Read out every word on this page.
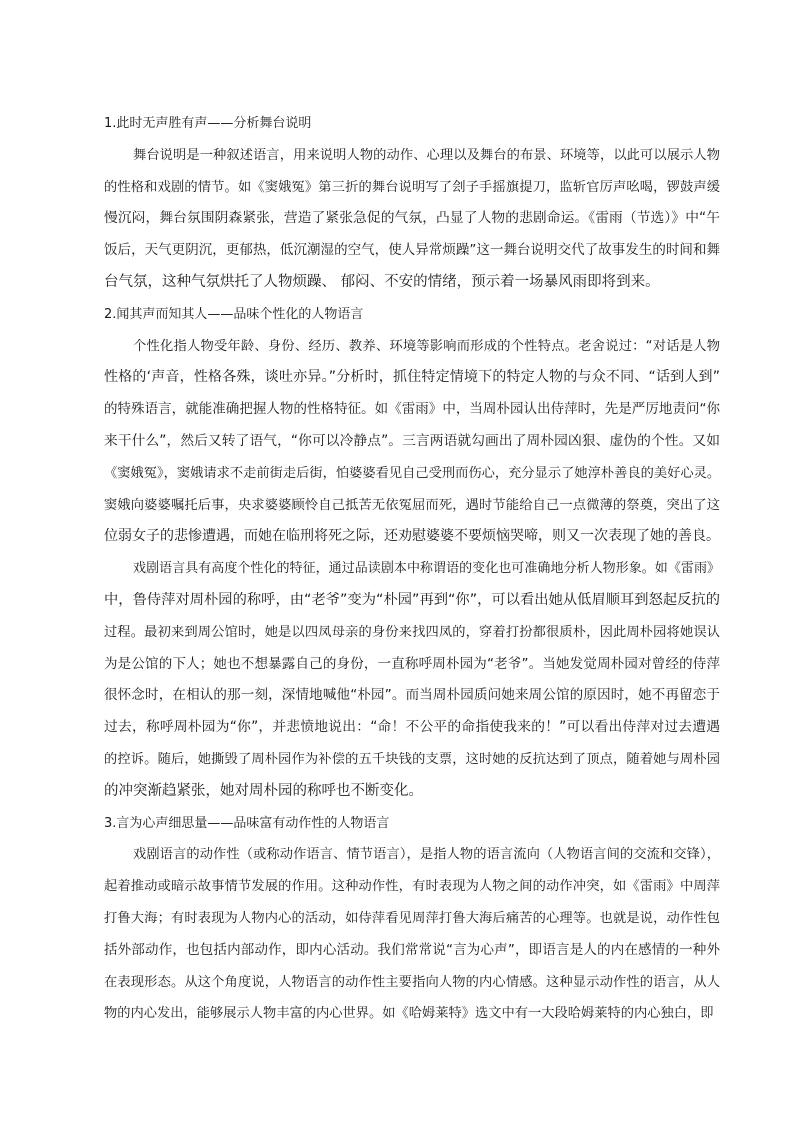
1.此时无声胜有声——分析舞台说明
舞台说明是一种叙述语言，用来说明人物的动作、心理以及舞台的布景、环境等，以此可以展示人物
的性格和戏剧的情节。如《窦娥冤》第三折的舞台说明写了刽子手摇旗提刀，监斩官厉声吆喝，锣鼓声缓
慢沉闷，舞台氛围阴森紧张，营造了紧张急促的气氛，凸显了人物的悲剧命运。《雷雨（节选）》中“午
饭后，天气更阴沉，更郁热，低沉潮湿的空气，使人异常烦躁”这一舞台说明交代了故事发生的时间和舞
台气氛，这种气氛烘托了人物烦躁、 郁闷、不安的情绪，预示着一场暴风雨即将到来。
2.闻其声而知其人——品味个性化的人物语言
个性化指人物受年龄、身份、经历、教养、环境等影响而形成的个性特点。老舍说过：“对话是人物
性格的‘声音，性格各殊，谈吐亦异。”分析时，抓住特定情境下的特定人物的与众不同、“话到人到”
的特殊语言，就能准确把握人物的性格特征。如《雷雨》中，当周朴园认出侍萍时，先是严厉地责问“你
来干什么”，然后又转了语气，“你可以冷静点”。三言两语就勾画出了周朴园凶狠、虚伪的个性。又如
《窦娥冤》，窦娥请求不走前街走后街，怕婆婆看见自己受刑而伤心，充分显示了她淳朴善良的美好心灵。
窦娥向婆婆嘱托后事，央求婆婆顾怜自己抵苦无依冤屈而死，遇时节能给自己一点微薄的祭奠，突出了这
位弱女子的悲惨遭遇，而她在临刑将死之际，还劝慰婆婆不要烦恼哭啼，则又一次表现了她的善良。
戏剧语言具有高度个性化的特征，通过品读剧本中称谓语的变化也可准确地分析人物形象。如《雷雨》
中，鲁侍萍对周朴园的称呼，由“老爷”变为“朴园”再到“你”，可以看出她从低眉顺耳到怒起反抗的
过程。最初来到周公馆时，她是以四凤母亲的身份来找四凤的，穿着打扮都很质朴，因此周朴园将她误认
为是公馆的下人；她也不想暴露自己的身份，一直称呼周朴园为“老爷”。当她发觉周朴园对曾经的侍萍
很怀念时，在相认的那一刻，深情地喊他“朴园”。而当周朴园质问她来周公馆的原因时，她不再留恋于
过去，称呼周朴园为“你”，并悲愤地说出：“命！不公平的命指使我来的！”可以看出侍萍对过去遭遇
的控诉。随后，她撕毁了周朴园作为补偿的五千块钱的支票，这时她的反抗达到了顶点，随着她与周朴园
的冲突渐趋紧张，她对周朴园的称呼也不断变化。
3.言为心声细思量——品味富有动作性的人物语言
戏剧语言的动作性（或称动作语言、情节语言），是指人物的语言流向（人物语言间的交流和交锋），
起着推动或暗示故事情节发展的作用。这种动作性，有时表现为人物之间的动作冲突，如《雷雨》中周萍
打鲁大海；有时表现为人物内心的活动，如侍萍看见周萍打鲁大海后痛苦的心理等。也就是说，动作性包
括外部动作，也包括内部动作，即内心活动。我们常常说“言为心声”，即语言是人的内在感情的一种外
在表现形态。从这个角度说，人物语言的动作性主要指向人物的内心情感。这种显示动作性的语言，从人
物的内心发出，能够展示人物丰富的内心世界。如《哈姆莱特》选文中有一大段哈姆莱特的内心独白，即
